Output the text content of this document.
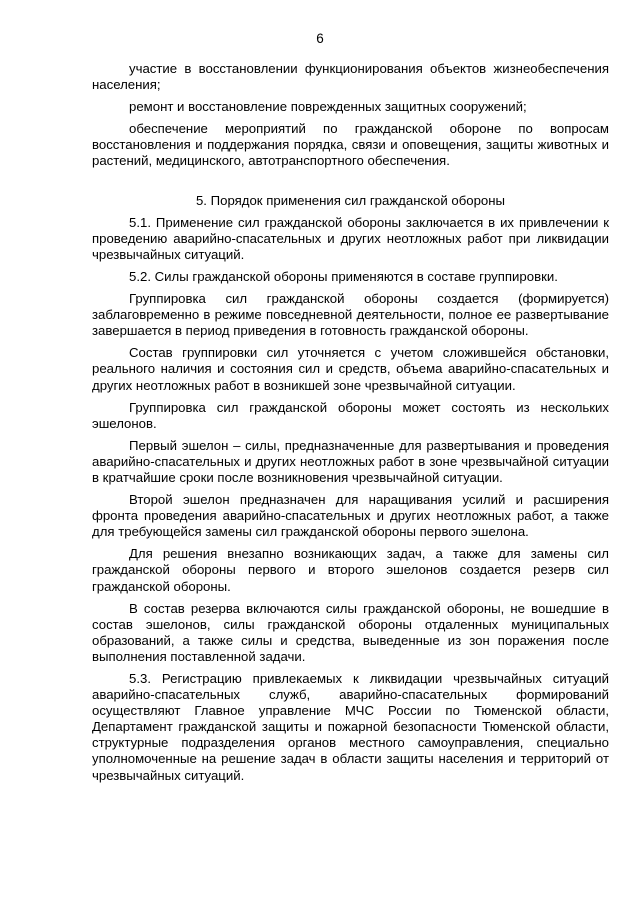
6

участие в восстановлении функционирования объектов жизнеобеспечения населения;

ремонт и восстановление поврежденных защитных сооружений;

обеспечение мероприятий по гражданской обороне по вопросам восстановления и поддержания порядка, связи и оповещения, защиты животных и растений, медицинского, автотранспортного обеспечения.

5. Порядок применения сил гражданской обороны

5.1. Применение сил гражданской обороны заключается в их привлечении к проведению аварийно-спасательных и других неотложных работ при ликвидации чрезвычайных ситуаций.

5.2. Силы гражданской обороны применяются в составе группировки.

Группировка сил гражданской обороны создается (формируется) заблаговременно в режиме повседневной деятельности, полное ее развертывание завершается в период приведения в готовность гражданской обороны.

Состав группировки сил уточняется с учетом сложившейся обстановки, реального наличия и состояния сил и средств, объема аварийно-спасательных и других неотложных работ в возникшей зоне чрезвычайной ситуации.

Группировка сил гражданской обороны может состоять из нескольких эшелонов.

Первый эшелон – силы, предназначенные для развертывания и проведения аварийно-спасательных и других неотложных работ в зоне чрезвычайной ситуации в кратчайшие сроки после возникновения чрезвычайной ситуации.

Второй эшелон предназначен для наращивания усилий и расширения фронта проведения аварийно-спасательных и других неотложных работ, а также для требующейся замены сил гражданской обороны первого эшелона.

Для решения внезапно возникающих задач, а также для замены сил гражданской обороны первого и второго эшелонов создается резерв сил гражданской обороны.

В состав резерва включаются силы гражданской обороны, не вошедшие в состав эшелонов, силы гражданской обороны отдаленных муниципальных образований, а также силы и средства, выведенные из зон поражения после выполнения поставленной задачи.

5.3. Регистрацию привлекаемых к ликвидации чрезвычайных ситуаций аварийно-спасательных служб, аварийно-спасательных формирований осуществляют Главное управление МЧС России по Тюменской области, Департамент гражданской защиты и пожарной безопасности Тюменской области, структурные подразделения органов местного самоуправления, специально уполномоченные на решение задач в области защиты населения и территорий от чрезвычайных ситуаций.
